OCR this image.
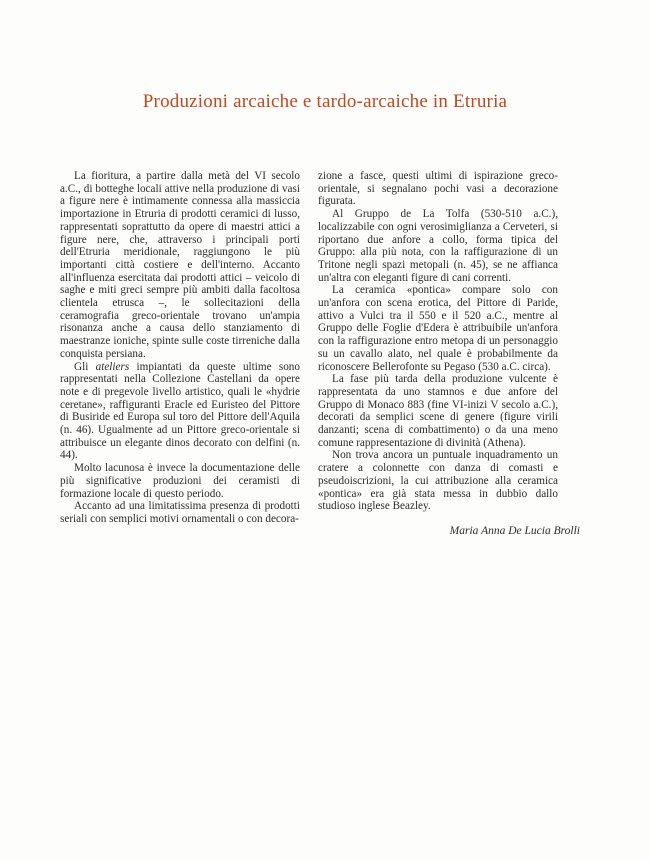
Produzioni arcaiche e tardo-arcaiche in Etruria

La fioritura, a partire dalla metà del VI secolo a.C., di botteghe locali attive nella produzione di vasi a figure nere è intimamente connessa alla massiccia importazione in Etruria di prodotti ceramici di lusso, rappresentati soprattutto da opere di maestri attici a figure nere, che, attraverso i principali porti dell'Etruria meridionale, raggiungono le più importanti città costiere e dell'interno. Accanto all'influenza esercitata dai prodotti attici – veicolo di saghe e miti greci sempre più ambiti dalla facoltosa clientela etrusca –, le sollecitazioni della ceramografia greco-orientale trovano un'ampia risonanza anche a causa dello stanziamento di maestranze ioniche, spinte sulle coste tirreniche dalla conquista persiana.

Gli ateliers impiantati da queste ultime sono rappresentati nella Collezione Castellani da opere note e di pregevole livello artistico, quali le «hydrie ceretane», raffiguranti Eracle ed Euristeo del Pittore di Busiride ed Europa sul toro del Pittore dell'Aquila (n. 46). Ugualmente ad un Pittore greco-orientale si attribuisce un elegante dinos decorato con delfini (n. 44).

Molto lacunosa è invece la documentazione delle più significative produzioni dei ceramisti di formazione locale di questo periodo.

Accanto ad una limitatissima presenza di prodotti seriali con semplici motivi ornamentali o con decora-

zione a fasce, questi ultimi di ispirazione greco-orientale, si segnalano pochi vasi a decorazione figurata.

Al Gruppo de La Tolfa (530-510 a.C.), localizzabile con ogni verosimiglianza a Cerveteri, si riportano due anfore a collo, forma tipica del Gruppo: alla più nota, con la raffigurazione di un Tritone negli spazi metopali (n. 45), se ne affianca un'altra con eleganti figure di cani correnti.

La ceramica «pontica» compare solo con un'anfora con scena erotica, del Pittore di Paride, attivo a Vulci tra il 550 e il 520 a.C., mentre al Gruppo delle Foglie d'Edera è attribuibile un'anfora con la raffigurazione entro metopa di un personaggio su un cavallo alato, nel quale è probabilmente da riconoscere Bellerofonte su Pegaso (530 a.C. circa).

La fase più tarda della produzione vulcente è rappresentata da uno stamnos e due anfore del Gruppo di Monaco 883 (fine VI-inizi V secolo a.C.), decorati da semplici scene di genere (figure virili danzanti; scena di combattimento) o da una meno comune rappresentazione di divinità (Athena).

Non trova ancora un puntuale inquadramento un cratere a colonnette con danza di comasti e pseudoiscrizioni, la cui attribuzione alla ceramica «pontica» era già stata messa in dubbio dallo studioso inglese Beazley.

Maria Anna De Lucia Brolli
